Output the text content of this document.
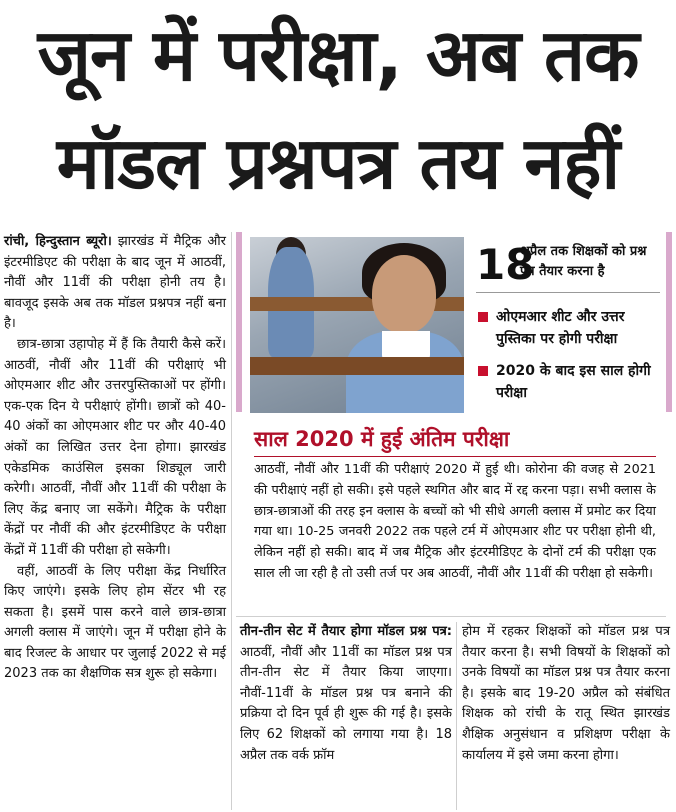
जून में परीक्षा, अब तक
मॉडल प्रश्नपत्र तय नहीं

रांची, हिन्दुस्तान ब्यूरो। झारखंड में मैट्रिक और इंटरमीडिएट की परीक्षा के बाद जून में आठवीं, नौवीं और 11वीं की परीक्षा होनी तय है। बावजूद इसके अब तक मॉडल प्रश्नपत्र नहीं बना है।

छात्र-छात्रा उहापोह में हैं कि तैयारी कैसे करें। आठवीं, नौवीं और 11वीं की परीक्षाएं भी ओएमआर शीट और उत्तरपुस्तिकाओं पर होंगी। एक-एक दिन ये परीक्षाएं होंगी। छात्रों को 40-40 अंकों का ओएमआर शीट पर और 40-40 अंकों का लिखित उत्तर देना होगा। झारखंड एकेडमिक काउंसिल इसका शिड्यूल जारी करेगी। आठवीं, नौवीं और 11वीं की परीक्षा के लिए केंद्र बनाए जा सकेंगे। मैट्रिक के परीक्षा केंद्रों पर नौवीं की और इंटरमीडिएट के परीक्षा केंद्रों में 11वीं की परीक्षा हो सकेगी।

वहीं, आठवीं के लिए परीक्षा केंद्र निर्धारित किए जाएंगे। इसके लिए होम सेंटर भी रह सकता है। इसमें पास करने वाले छात्र-छात्रा अगली क्लास में जाएंगे। जून में परीक्षा होने के बाद रिजल्ट के आधार पर जुलाई 2022 से मई 2023 तक का शैक्षणिक सत्र शुरू हो सकेगा।

18
अप्रैल तक शिक्षकों को प्रश्न पत्र तैयार करना है
ओएमआर शीट और उत्तर पुस्तिका पर होगी परीक्षा
2020 के बाद इस साल होगी परीक्षा
साल 2020 में हुई अंतिम परीक्षा

आठवीं, नौवीं और 11वीं की परीक्षाएं 2020 में हुई थी। कोरोना की वजह से 2021 की परीक्षाएं नहीं हो सकी। इसे पहले स्थगित और बाद में रद्द करना पड़ा। सभी क्लास के छात्र-छात्राओं की तरह इन क्लास के बच्चों को भी सीधे अगली क्लास में प्रमोट कर दिया गया था। 10-25 जनवरी 2022 तक पहले टर्म में ओएमआर शीट पर परीक्षा होनी थी, लेकिन नहीं हो सकी। बाद में जब मैट्रिक और इंटरमीडिएट के दोनों टर्म की परीक्षा एक साल ली जा रही है तो उसी तर्ज पर अब आठवीं, नौवीं और 11वीं की परीक्षा हो सकेगी।

तीन-तीन सेट में तैयार होगा मॉडल प्रश्न पत्र: आठवीं, नौवीं और 11वीं का मॉडल प्रश्न पत्र तीन-तीन सेट में तैयार किया जाएगा। नौवीं-11वीं के मॉडल प्रश्न पत्र बनाने की प्रक्रिया दो दिन पूर्व ही शुरू की गई है। इसके लिए 62 शिक्षकों को लगाया गया है। 18 अप्रैल तक वर्क फ्रॉम

होम में रहकर शिक्षकों को मॉडल प्रश्न पत्र तैयार करना है। सभी विषयों के शिक्षकों को उनके विषयों का मॉडल प्रश्न पत्र तैयार करना है। इसके बाद 19-20 अप्रैल को संबंधित शिक्षक को रांची के रातू स्थित झारखंड शैक्षिक अनुसंधान व प्रशिक्षण परीक्षा के कार्यालय में इसे जमा करना होगा।
